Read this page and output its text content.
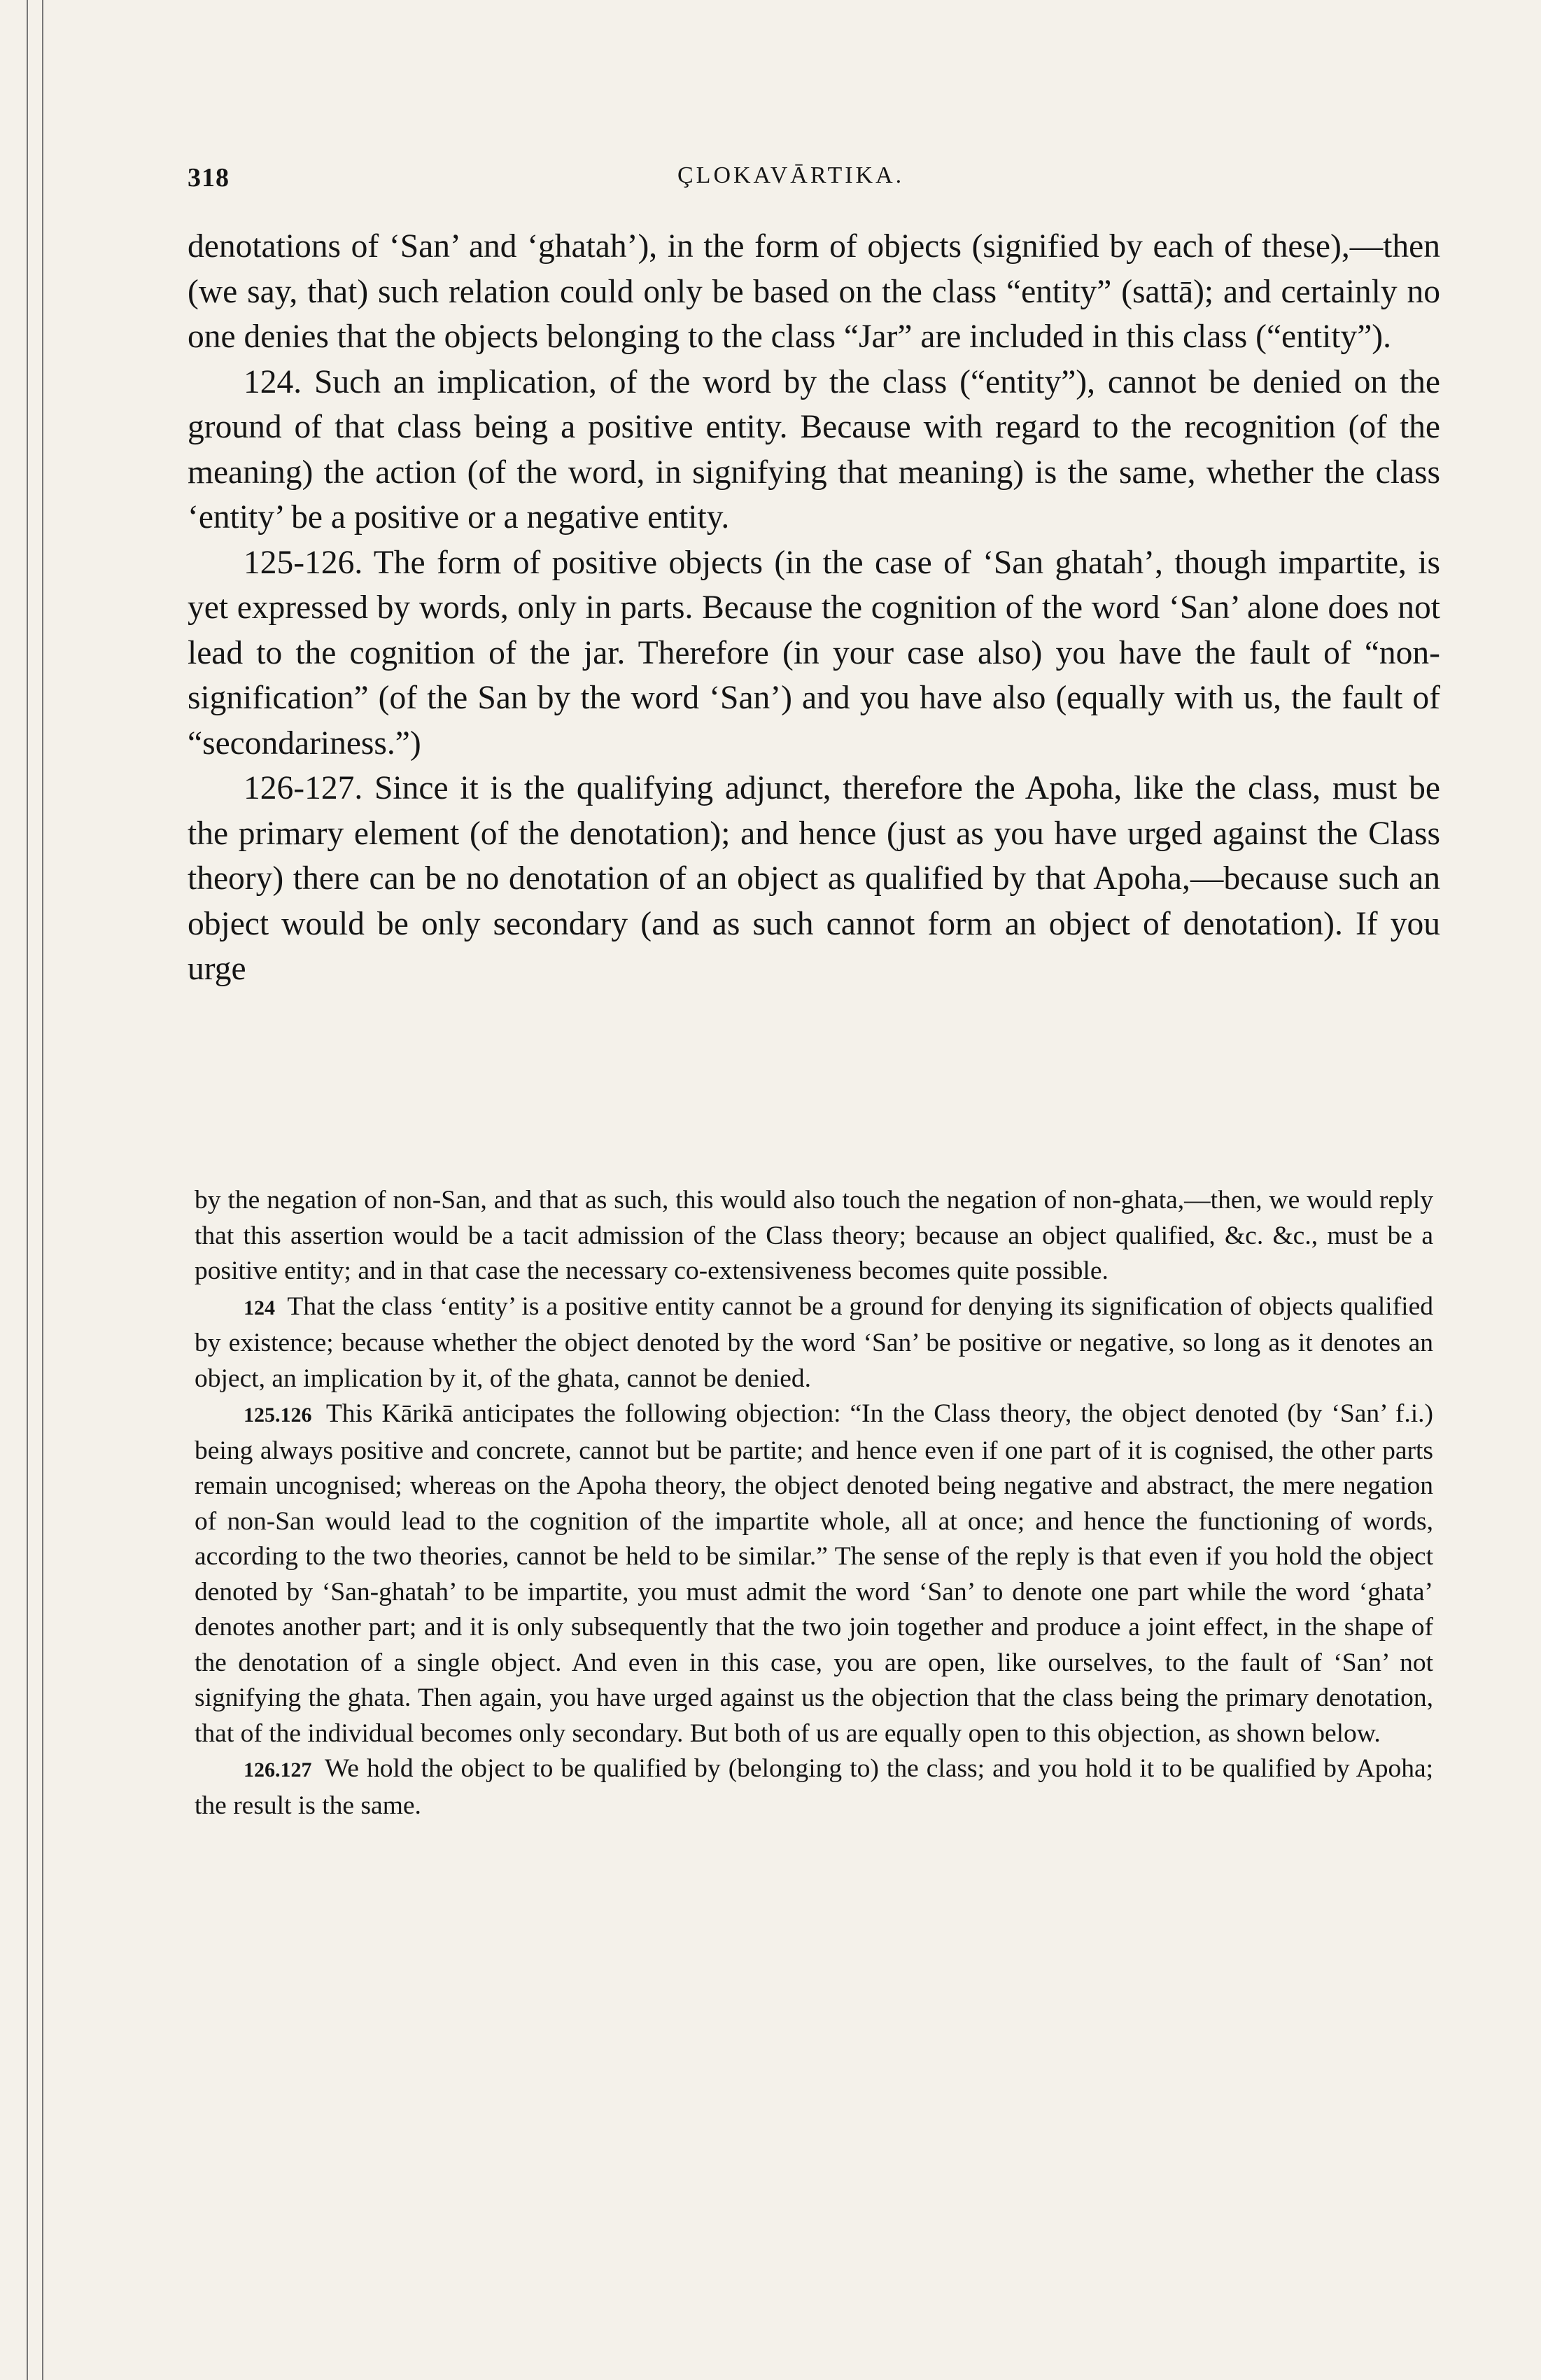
318	ÇLOKAVĀRTIKA.

denotations of ‘San’ and ‘ghatah’), in the form of objects (signified by each of these),—then (we say, that) such relation could only be based on the class “entity” (sattā); and certainly no one denies that the objects belonging to the class “Jar” are included in this class (“entity”).

124. Such an implication, of the word by the class (“entity”), cannot be denied on the ground of that class being a positive entity. Because with regard to the recognition (of the meaning) the action (of the word, in signifying that meaning) is the same, whether the class ‘entity’ be a positive or a negative entity.

125-126. The form of positive objects (in the case of ‘San ghatah’, though impartite, is yet expressed by words, only in parts. Because the cognition of the word ‘San’ alone does not lead to the cognition of the jar. Therefore (in your case also) you have the fault of “non-signification” (of the San by the word ‘San’) and you have also (equally with us, the fault of “secondariness.”)

126-127. Since it is the qualifying adjunct, therefore the Apoha, like the class, must be the primary element (of the denotation); and hence (just as you have urged against the Class theory) there can be no denotation of an object as qualified by that Apoha,—because such an object would be only secondary (and as such cannot form an object of denotation). If you urge

by the negation of non-San, and that as such, this would also touch the negation of non-ghata,—then, we would reply that this assertion would be a tacit admission of the Class theory; because an object qualified, &c. &c., must be a positive entity; and in that case the necessary co-extensiveness becomes quite possible.

124 That the class ‘entity’ is a positive entity cannot be a ground for denying its signification of objects qualified by existence; because whether the object denoted by the word ‘San’ be positive or negative, so long as it denotes an object, an implication by it, of the ghata, cannot be denied.

125.126 This Kārikā anticipates the following objection: “In the Class theory, the object denoted (by ‘San’ f.i.) being always positive and concrete, cannot but be partite; and hence even if one part of it is cognised, the other parts remain uncognised; whereas on the Apoha theory, the object denoted being negative and abstract, the mere negation of non-San would lead to the cognition of the impartite whole, all at once; and hence the functioning of words, according to the two theories, cannot be held to be similar.” The sense of the reply is that even if you hold the object denoted by ‘San-ghatah’ to be impartite, you must admit the word ‘San’ to denote one part while the word ‘ghata’ denotes another part; and it is only subsequently that the two join together and produce a joint effect, in the shape of the denotation of a single object. And even in this case, you are open, like ourselves, to the fault of ‘San’ not signifying the ghata. Then again, you have urged against us the objection that the class being the primary denotation, that of the individual becomes only secondary. But both of us are equally open to this objection, as shown below.

126.127 We hold the object to be qualified by (belonging to) the class; and you hold it to be qualified by Apoha; the result is the same.
